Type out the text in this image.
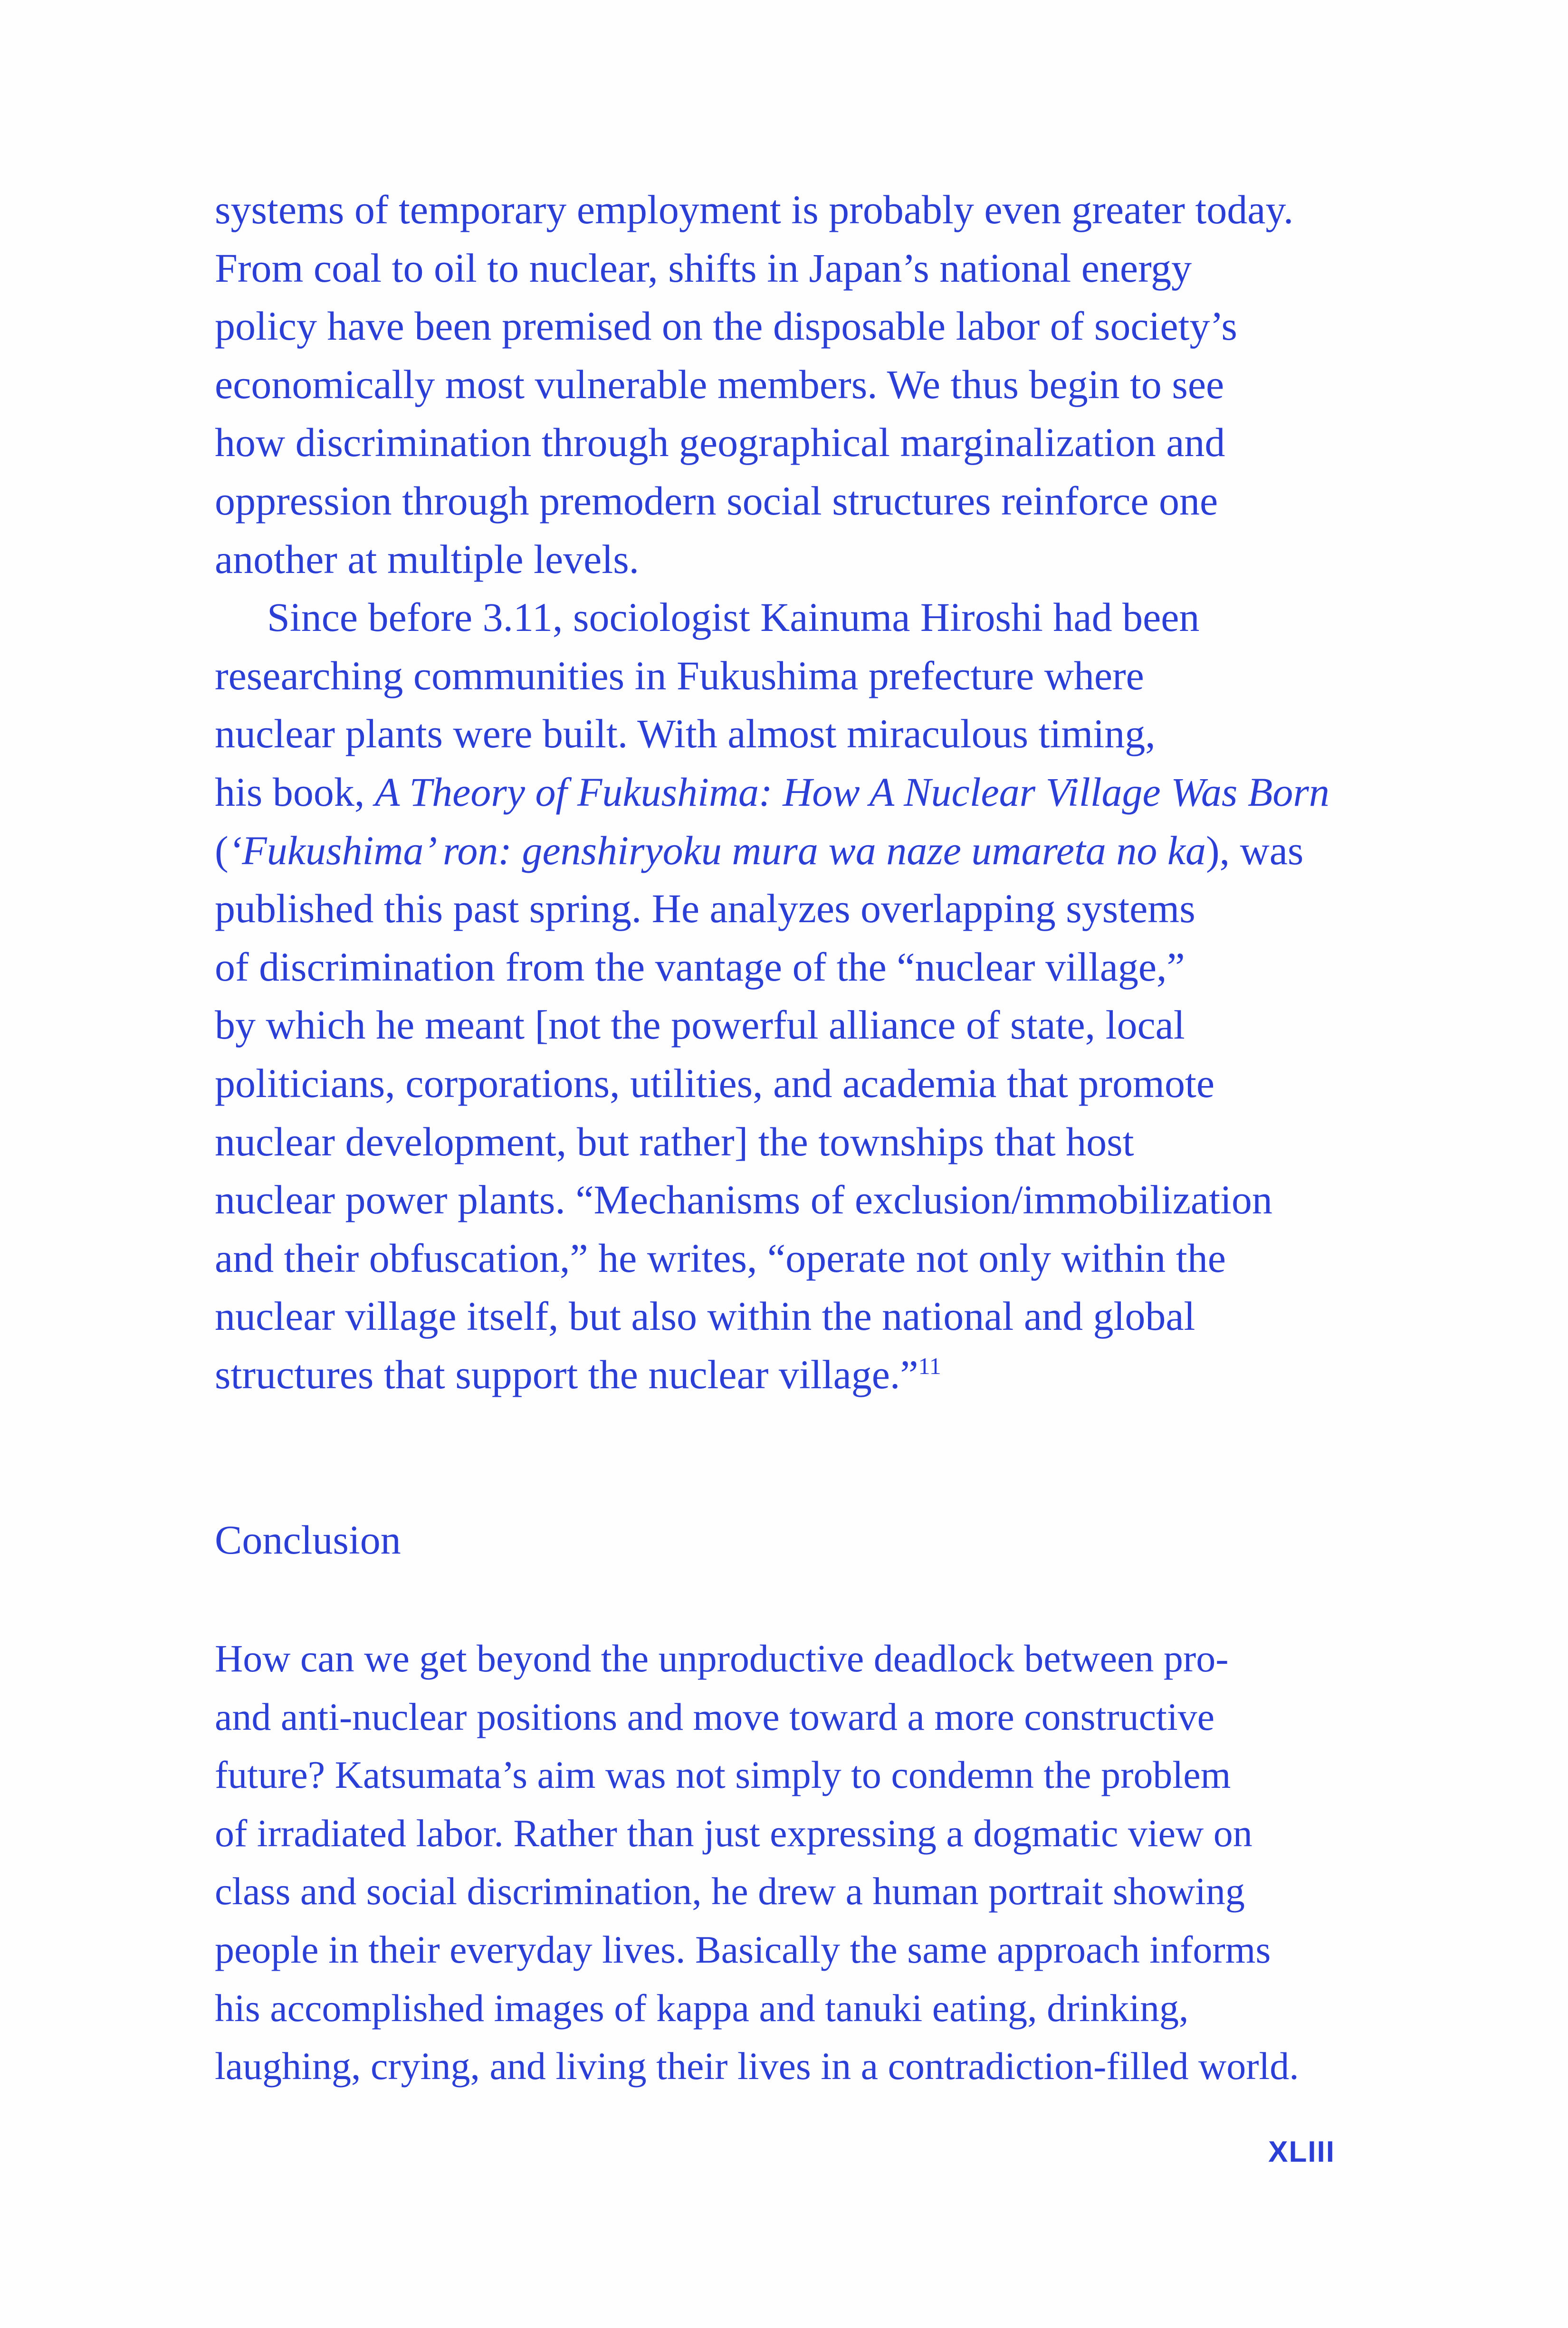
systems of temporary employment is probably even greater today.
From coal to oil to nuclear, shifts in Japan’s national energy
policy have been premised on the disposable labor of society’s
economically most vulnerable members. We thus begin to see
how discrimination through geographical marginalization and
oppression through premodern social structures reinforce one
another at multiple levels.

Since before 3.11, sociologist Kainuma Hiroshi had been
researching communities in Fukushima prefecture where
nuclear plants were built. With almost miraculous timing,
his book, A Theory of Fukushima: How A Nuclear Village Was Born
(‘Fukushima’ ron: genshiryoku mura wa naze umareta no ka), was
published this past spring. He analyzes overlapping systems
of discrimination from the vantage of the “nuclear village,”
by which he meant [not the powerful alliance of state, local
politicians, corporations, utilities, and academia that promote
nuclear development, but rather] the townships that host
nuclear power plants. “Mechanisms of exclusion/immobilization
and their obfuscation,” he writes, “operate not only within the
nuclear village itself, but also within the national and global
structures that support the nuclear village.”$^{11}$

Conclusion
How can we get beyond the unproductive deadlock between pro-
and anti-nuclear positions and move toward a more constructive
future? Katsumata’s aim was not simply to condemn the problem
of irradiated labor. Rather than just expressing a dogmatic view on
class and social discrimination, he drew a human portrait showing
people in their everyday lives. Basically the same approach informs
his accomplished images of kappa and tanuki eating, drinking,
laughing, crying, and living their lives in a contradiction-filled world.
XLIII
